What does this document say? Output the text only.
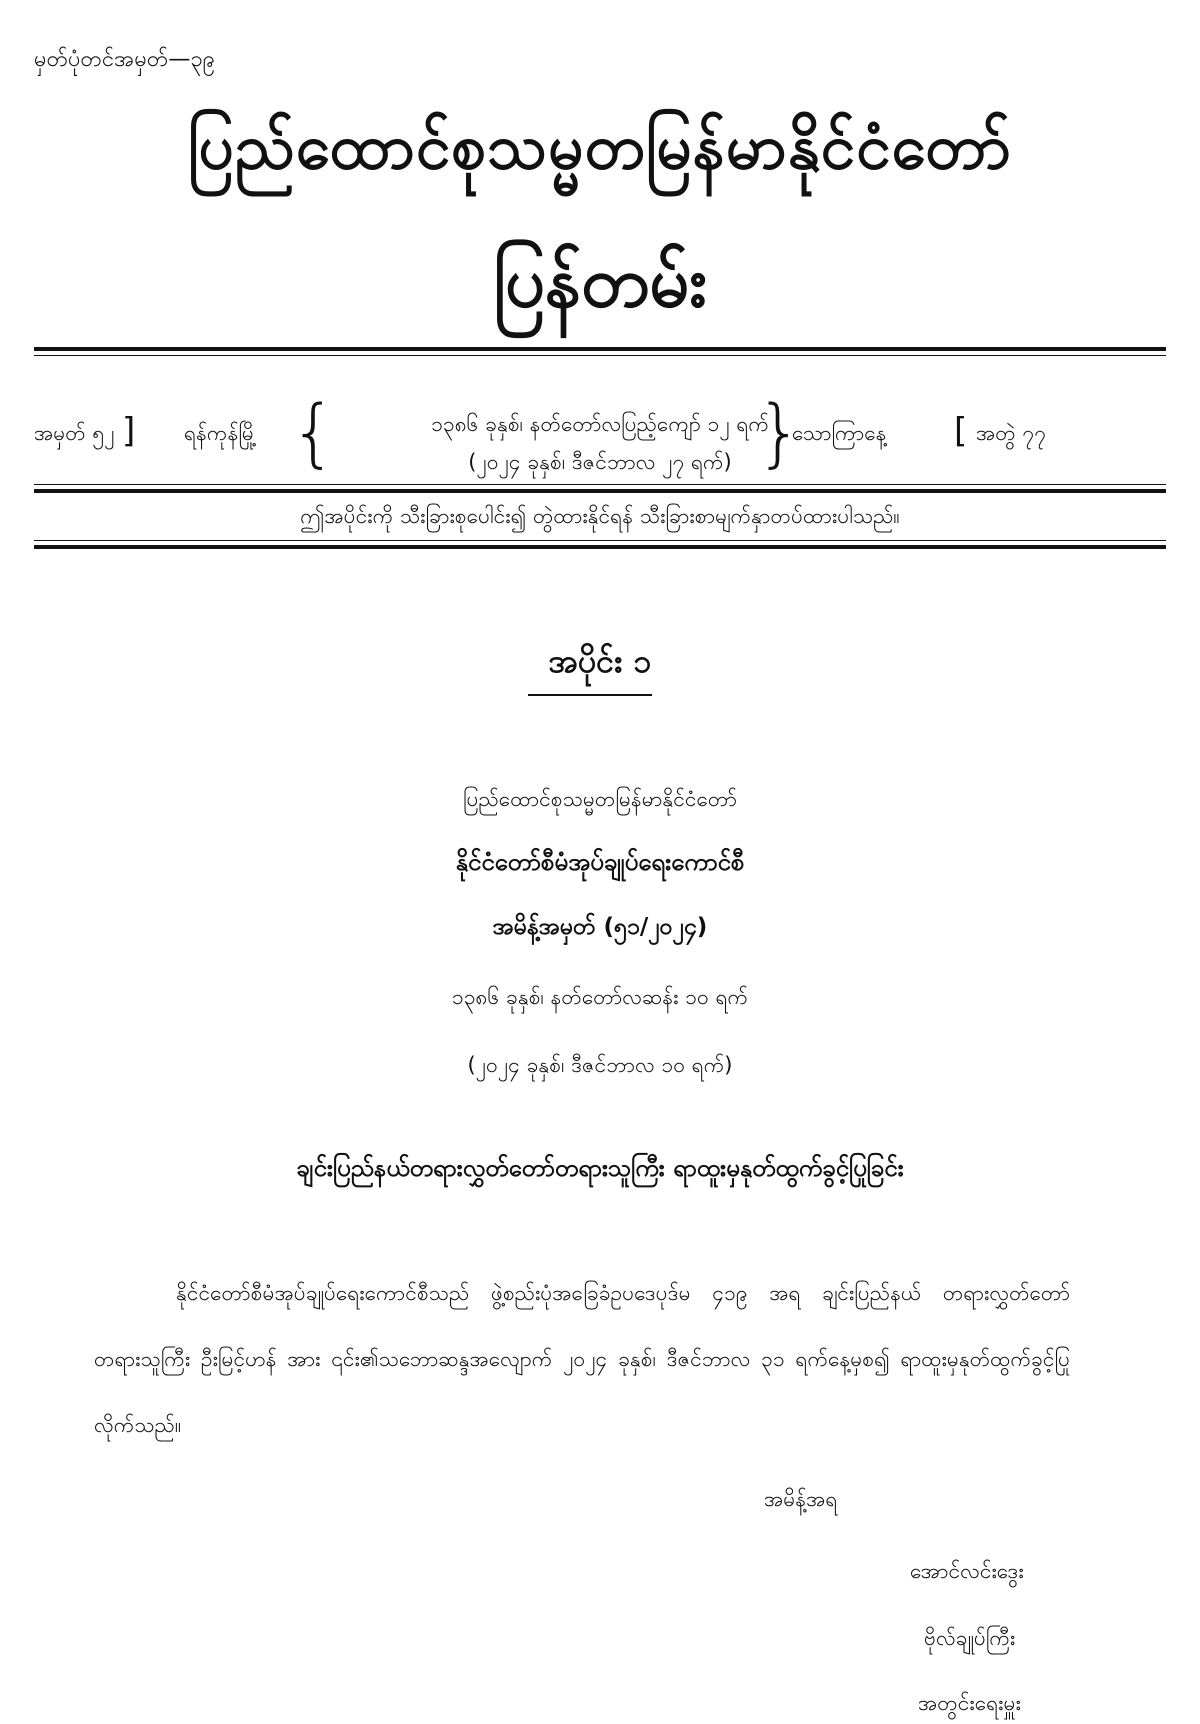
မှတ်ပုံတင်အမှတ်—၃၉
ပြည်ထောင်စုသမ္မတမြန်မာနိုင်ငံတော်
ပြန်တမ်း
အမှတ် ၅၂ ] ရန်ကုန်မြို့ {	}
သောကြာနေ့ [ အတွဲ ၇၇
၁၃၈၆ ခုနှစ်၊ နတ်တော်လပြည့်ကျော် ၁၂ ရက်
(၂၀၂၄ ခုနှစ်၊ ဒီဇင်ဘာလ ၂၇ ရက်)
ဤအပိုင်းကို သီးခြားစုပေါင်း၍ တွဲထားနိုင်ရန် သီးခြားစာမျက်နှာတပ်ထားပါသည်။
အပိုင်း ၁
ပြည်ထောင်စုသမ္မတမြန်မာနိုင်ငံတော်
နိုင်ငံတော်စီမံအုပ်ချုပ်ရေးကောင်စီ
အမိန့်အမှတ် (၅၁/၂၀၂၄)
၁၃၈၆ ခုနှစ်၊ နတ်တော်လဆန်း ၁၀ ရက်
(၂၀၂၄ ခုနှစ်၊ ဒီဇင်ဘာလ ၁၀ ရက်)
ချင်းပြည်နယ်တရားလွှတ်တော်တရားသူကြီး ရာထူးမှနုတ်ထွက်ခွင့်ပြုခြင်း
နိုင်ငံတော်စီမံအုပ်ချုပ်ရေးကောင်စီသည် ဖွဲ့စည်းပုံအခြေခံဥပဒေပုဒ်မ ၄၁၉ အရ ချင်းပြည်နယ် တရားလွှတ်တော်တရားသူကြီး ဦးမြင့်ဟန် အား ၎င်း၏သဘောဆန္ဒအလျောက် ၂၀၂၄ ခုနှစ်၊ ဒီဇင်ဘာလ ၃၁ ရက်နေ့မှစ၍ ရာထူးမှနုတ်ထွက်ခွင့်ပြုလိုက်သည်။
အမိန့်အရ
အောင်လင်းဒွေး
ဗိုလ်ချုပ်ကြီး
အတွင်းရေးမှူး
